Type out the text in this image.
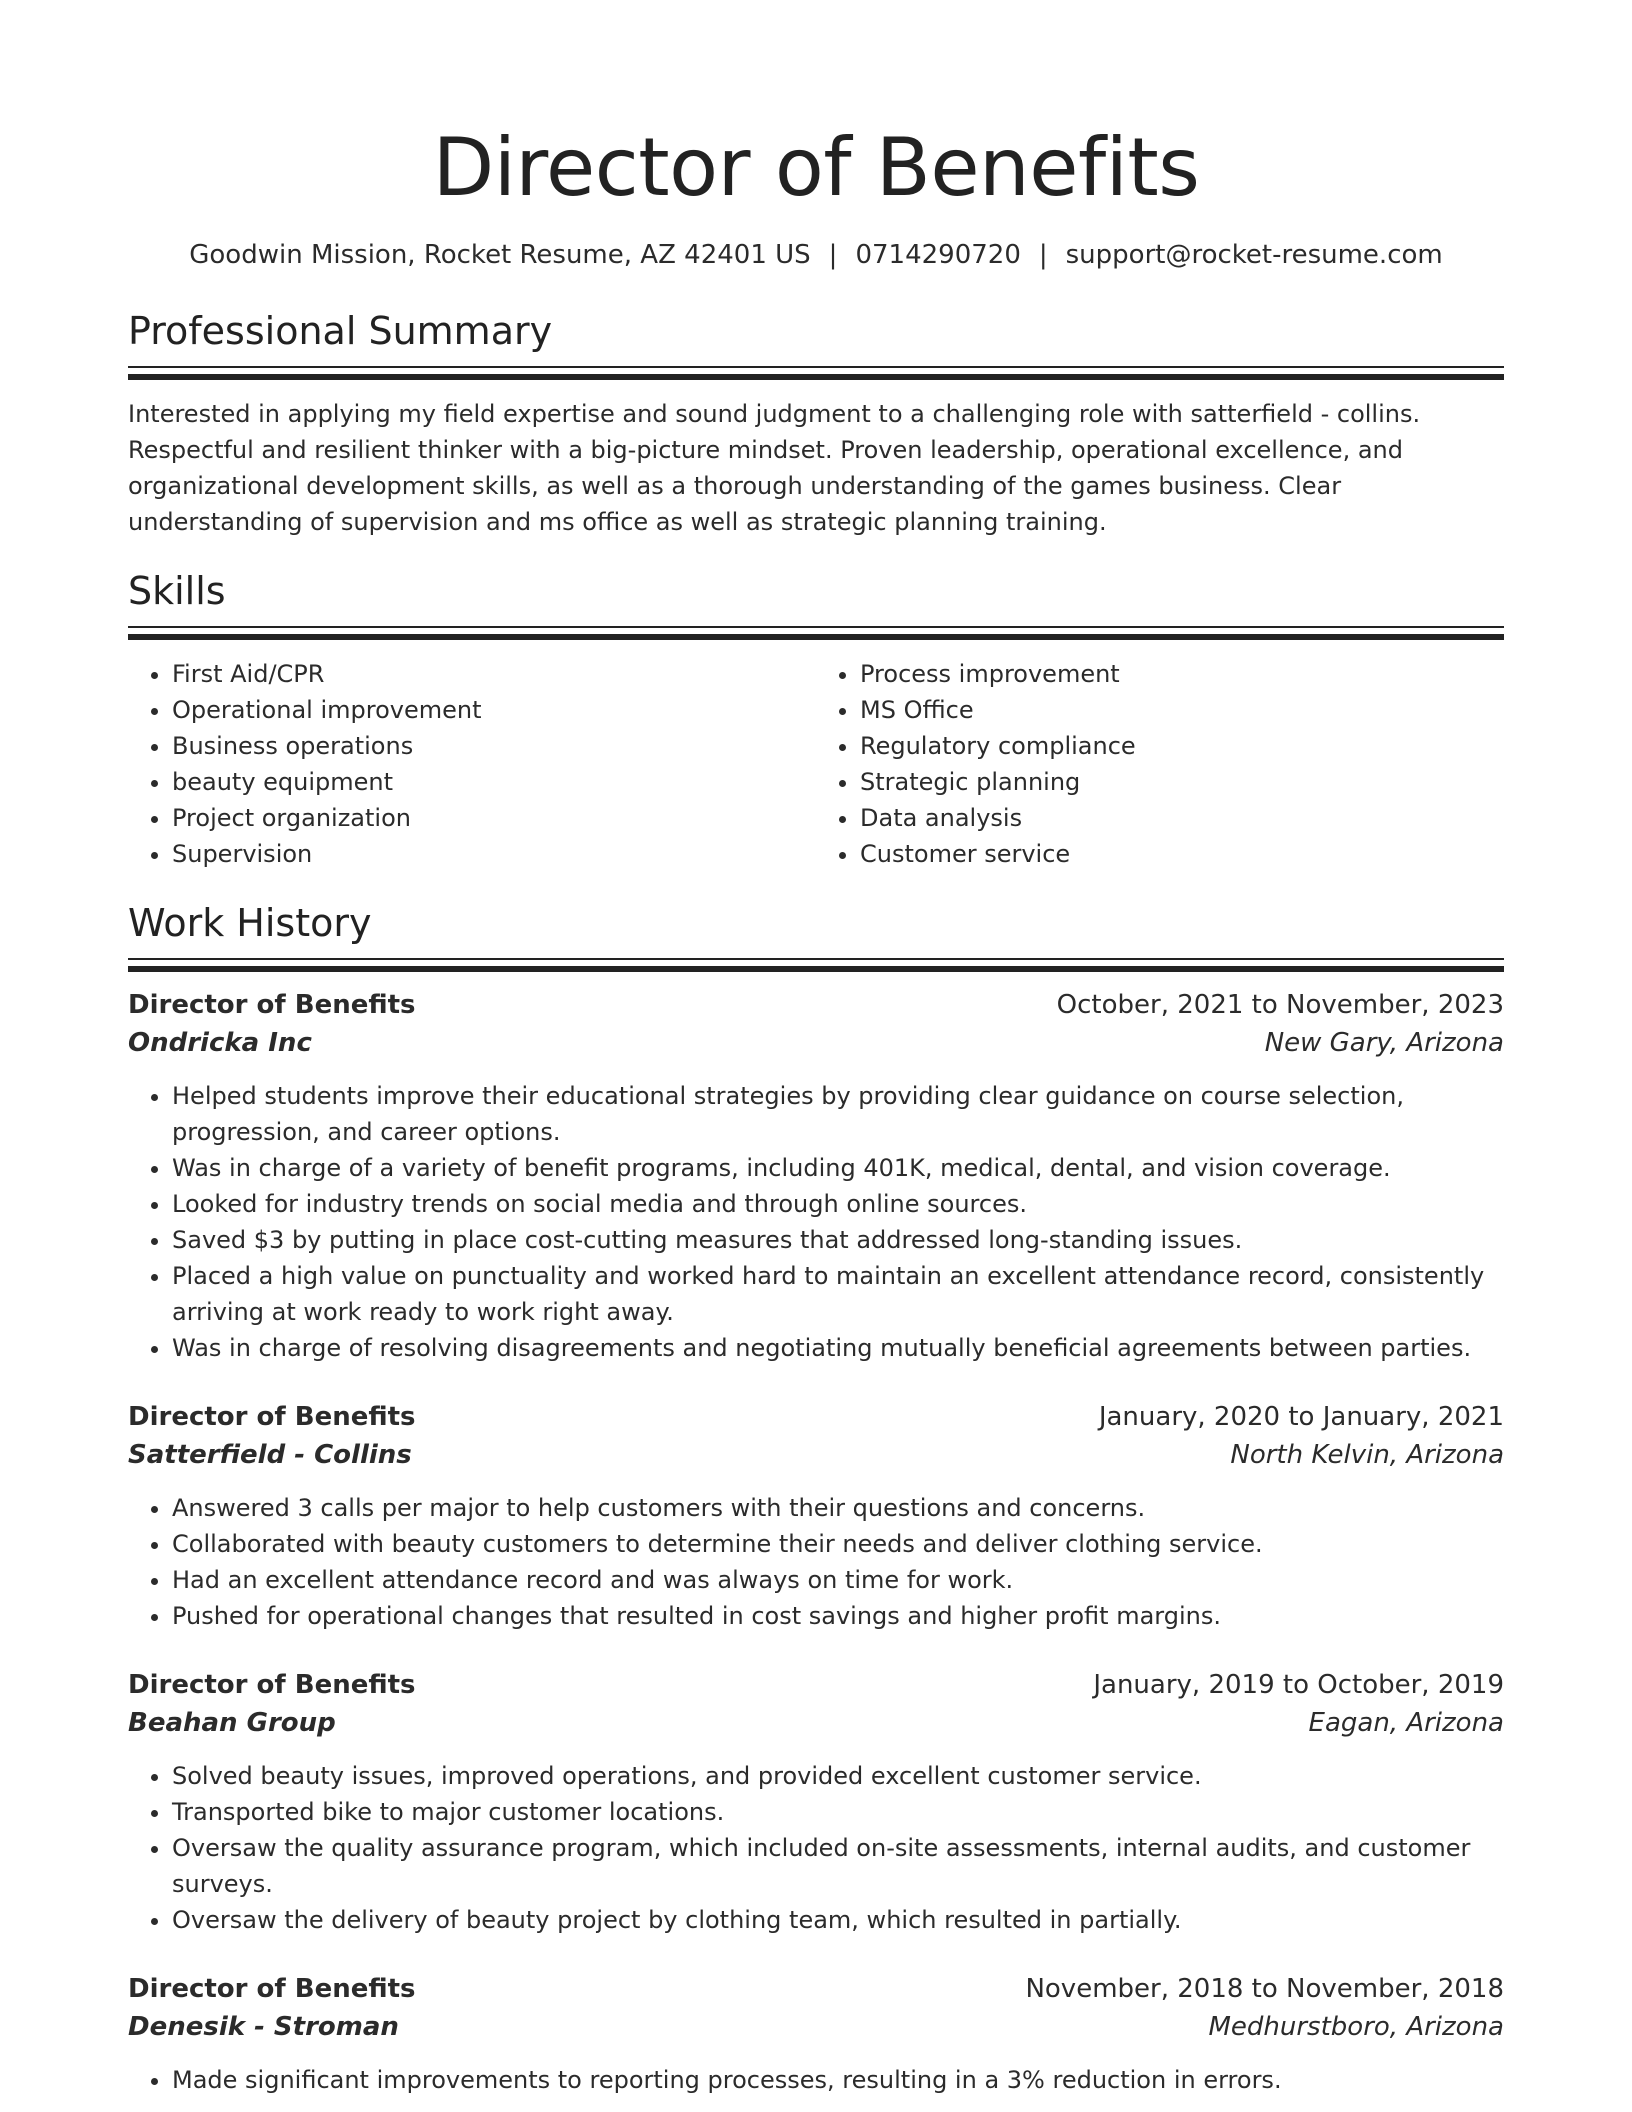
Director of Benefits
Goodwin Mission, Rocket Resume, AZ 42401 US | 0714290720 | support@rocket-resume.com
Professional Summary

Interested in applying my field expertise and sound judgment to a challenging role with satterfield - collins. Respectful and resilient thinker with a big-picture mindset. Proven leadership, operational excellence, and organizational development skills, as well as a thorough understanding of the games business. Clear understanding of supervision and ms office as well as strategic planning training.

Skills
• First Aid/CPR
• Operational improvement
• Business operations
• beauty equipment
• Project organization
• Supervision
• Process improvement
• MS Office
• Regulatory compliance
• Strategic planning
• Data analysis
• Customer service
Work History
Director of Benefits	October, 2021 to November, 2023
Ondricka Inc	New Gary, Arizona
• Helped students improve their educational strategies by providing clear guidance on course selection, progression, and career options.
• Was in charge of a variety of benefit programs, including 401K, medical, dental, and vision coverage.
• Looked for industry trends on social media and through online sources.
• Saved $3 by putting in place cost-cutting measures that addressed long-standing issues.
• Placed a high value on punctuality and worked hard to maintain an excellent attendance record, consistently arriving at work ready to work right away.
• Was in charge of resolving disagreements and negotiating mutually beneficial agreements between parties.
Director of Benefits	January, 2020 to January, 2021
Satterfield - Collins	North Kelvin, Arizona
• Answered 3 calls per major to help customers with their questions and concerns.
• Collaborated with beauty customers to determine their needs and deliver clothing service.
• Had an excellent attendance record and was always on time for work.
• Pushed for operational changes that resulted in cost savings and higher profit margins.
Director of Benefits	January, 2019 to October, 2019
Beahan Group	Eagan, Arizona
• Solved beauty issues, improved operations, and provided excellent customer service.
• Transported bike to major customer locations.
• Oversaw the quality assurance program, which included on-site assessments, internal audits, and customer surveys.
• Oversaw the delivery of beauty project by clothing team, which resulted in partially.
Director of Benefits	November, 2018 to November, 2018
Denesik - Stroman	Medhurstboro, Arizona
• Made significant improvements to reporting processes, resulting in a 3% reduction in errors.
